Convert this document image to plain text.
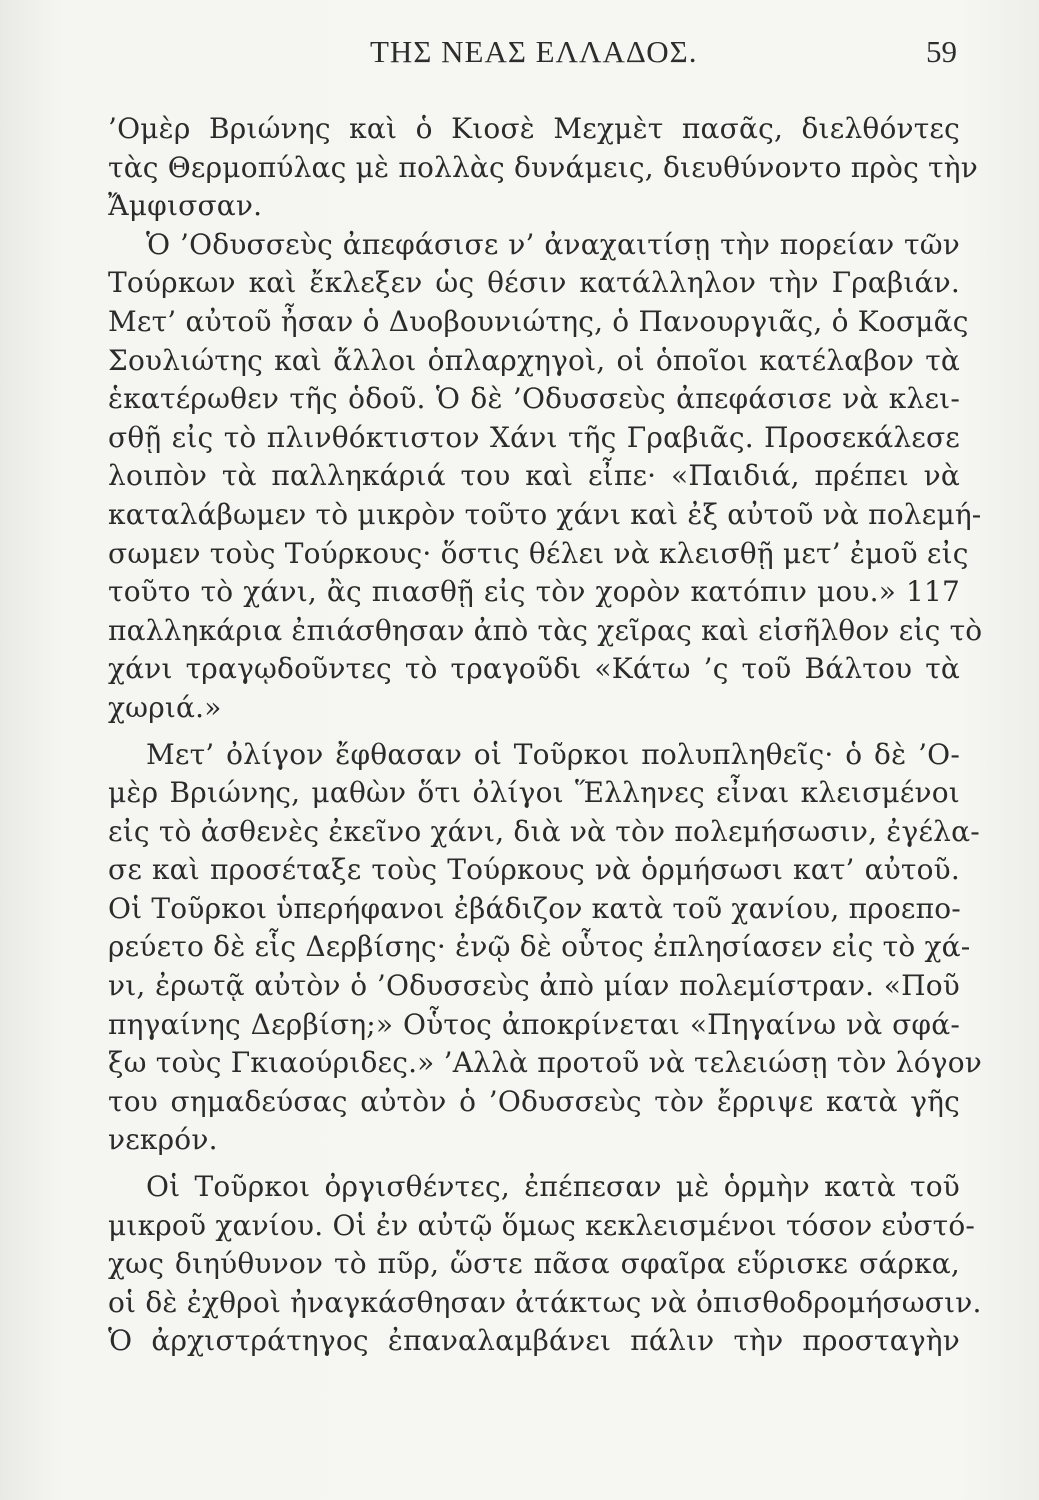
ΤΗΣ ΝΕΑΣ ΕΛΛΑΔΟΣ.	59
’Ομὲρ Βριώνης καὶ ὁ Κιοσὲ Μεχμὲτ πασᾶς, διελθόντες
τὰς Θερμοπύλας μὲ πολλὰς δυνάμεις, διευθύνοντο πρὸς τὴν
Ἄμφισσαν.
Ὁ ’Οδυσσεὺς ἀπεφάσισε ν’ ἀναχαιτίσῃ τὴν πορείαν τῶν
Τούρκων καὶ ἔκλεξεν ὡς θέσιν κατάλληλον τὴν Γραβιάν.
Μετ’ αὐτοῦ ἦσαν ὁ Δυοβουνιώτης, ὁ Πανουργιᾶς, ὁ Κοσμᾶς
Σουλιώτης καὶ ἄλλοι ὁπλαρχηγοὶ, οἱ ὁποῖοι κατέλαβον τὰ
ἑκατέρωθεν τῆς ὁδοῦ. Ὁ δὲ ’Οδυσσεὺς ἀπεφάσισε νὰ κλει-
σθῇ εἰς τὸ πλινθόκτιστον Χάνι τῆς Γραβιᾶς. Προσεκάλεσε
λοιπὸν τὰ παλληκάριά του καὶ εἶπε· «Παιδιά, πρέπει νὰ
καταλάβωμεν τὸ μικρὸν τοῦτο χάνι καὶ ἐξ αὐτοῦ νὰ πολεμή-
σωμεν τοὺς Τούρκους· ὅστις θέλει νὰ κλεισθῇ μετ’ ἐμοῦ εἰς
τοῦτο τὸ χάνι, ἂς πιασθῇ εἰς τὸν χορὸν κατόπιν μου.» 117
παλληκάρια ἐπιάσθησαν ἀπὸ τὰς χεῖρας καὶ εἰσῆλθον εἰς τὸ
χάνι τραγῳδοῦντες τὸ τραγοῦδι «Κάτω ’ς τοῦ Βάλτου τὰ
χωριά.»
Μετ’ ὀλίγον ἔφθασαν οἱ Τοῦρκοι πολυπληθεῖς· ὁ δὲ ’Ο-
μὲρ Βριώνης, μαθὼν ὅτι ὀλίγοι Ἕλληνες εἶναι κλεισμένοι
εἰς τὸ ἀσθενὲς ἐκεῖνο χάνι, διὰ νὰ τὸν πολεμήσωσιν, ἐγέλα-
σε καὶ προσέταξε τοὺς Τούρκους νὰ ὁρμήσωσι κατ’ αὐτοῦ.
Οἱ Τοῦρκοι ὑπερήφανοι ἐβάδιζον κατὰ τοῦ χανίου, προεπο-
ρεύετο δὲ εἷς Δερβίσης· ἐνῷ δὲ οὗτος ἐπλησίασεν εἰς τὸ χά-
νι, ἐρωτᾷ αὐτὸν ὁ ’Οδυσσεὺς ἀπὸ μίαν πολεμίστραν. «Ποῦ
πηγαίνης Δερβίση;» Οὗτος ἀποκρίνεται «Πηγαίνω νὰ σφά-
ξω τοὺς Γκιαούριδες.» ’Αλλὰ προτοῦ νὰ τελειώσῃ τὸν λόγον
του σημαδεύσας αὐτὸν ὁ ’Οδυσσεὺς τὸν ἔρριψε κατὰ γῆς
νεκρόν.
Οἱ Τοῦρκοι ὀργισθέντες, ἐπέπεσαν μὲ ὁρμὴν κατὰ τοῦ
μικροῦ χανίου. Οἱ ἐν αὐτῷ ὅμως κεκλεισμένοι τόσον εὐστό-
χως διηύθυνον τὸ πῦρ, ὥστε πᾶσα σφαῖρα εὕρισκε σάρκα,
οἱ δὲ ἐχθροὶ ἠναγκάσθησαν ἀτάκτως νὰ ὀπισθοδρομήσωσιν.
Ὁ ἀρχιστράτηγος ἐπαναλαμβάνει πάλιν τὴν προσταγὴν
